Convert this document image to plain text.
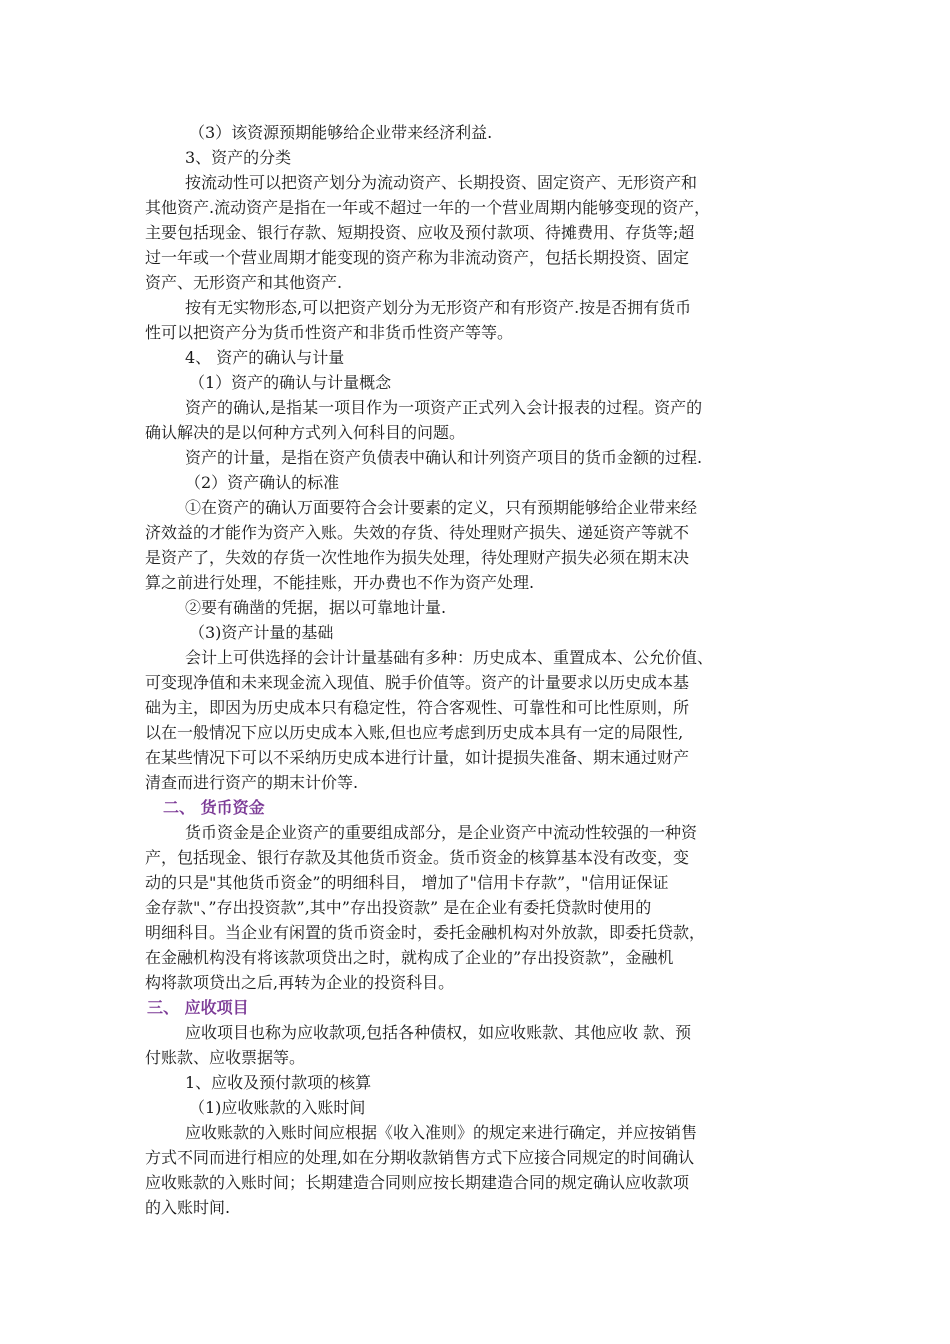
（3）该资源预期能够给企业带来经济利益.
3、资产的分类
按流动性可以把资产划分为流动资产、长期投资、固定资产、无形资产和
其他资产.流动资产是指在一年或不超过一年的一个营业周期内能够变现的资产，
主要包括现金、银行存款、短期投资、应收及预付款项、待摊费用、存货等;超
过一年或一个营业周期才能变现的资产称为非流动资产，包括长期投资、固定
资产、无形资产和其他资产.
按有无实物形态,可以把资产划分为无形资产和有形资产.按是否拥有货币
性可以把资产分为货币性资产和非货币性资产等等。
4、 资产的确认与计量
（1）资产的确认与计量概念
资产的确认,是指某一项目作为一项资产正式列入会计报表的过程。资产的
确认解决的是以何种方式列入何科目的问题。
资产的计量，是指在资产负债表中确认和计列资产项目的货币金额的过程.
（2）资产确认的标准
①在资产的确认万面要符合会计要素的定义，只有预期能够给企业带来经
济效益的才能作为资产入账。失效的存货、待处理财产损失、递延资产等就不
是资产了，失效的存货一次性地作为损失处理，待处理财产损失必须在期末决
算之前进行处理，不能挂账，开办费也不作为资产处理.
②要有确凿的凭据，据以可靠地计量.
（3)资产计量的基础
会计上可供选择的会计计量基础有多种：历史成本、重置成本、公允价值、
可变现净值和未来现金流入现值、脱手价值等。资产的计量要求以历史成本基
础为主，即因为历史成本只有稳定性，符合客观性、可靠性和可比性原则，所
以在一般情况下应以历史成本入账,但也应考虑到历史成本具有一定的局限性,
在某些情况下可以不采纳历史成本进行计量，如计提损失准备、期末通过财产
清查而进行资产的期末计价等.
二、 货币资金
货币资金是企业资产的重要组成部分，是企业资产中流动性较强的一种资
产，包括现金、银行存款及其他货币资金。货币资金的核算基本没有改变，变
动的只是"其他货币资金”的明细科目， 增加了"信用卡存款”，"信用证保证
金存款"、”存出投资款”,其中”存出投资款” 是在企业有委托贷款时使用的
明细科目。当企业有闲置的货币资金时，委托金融机构对外放款，即委托贷款，
在金融机构没有将该款项贷出之时，就构成了企业的”存出投资款”，金融机
构将款项贷出之后,再转为企业的投资科目。
三、 应收项目
应收项目也称为应收款项,包括各种债权，如应收账款、其他应收 款、预
付账款、应收票据等。
1、应收及预付款项的核算
（1)应收账款的入账时间
应收账款的入账时间应根据《收入准则》的规定来进行确定，并应按销售
方式不同而进行相应的处理,如在分期收款销售方式下应接合同规定的时间确认
应收账款的入账时间；长期建造合同则应按长期建造合同的规定确认应收款项
的入账时间.
